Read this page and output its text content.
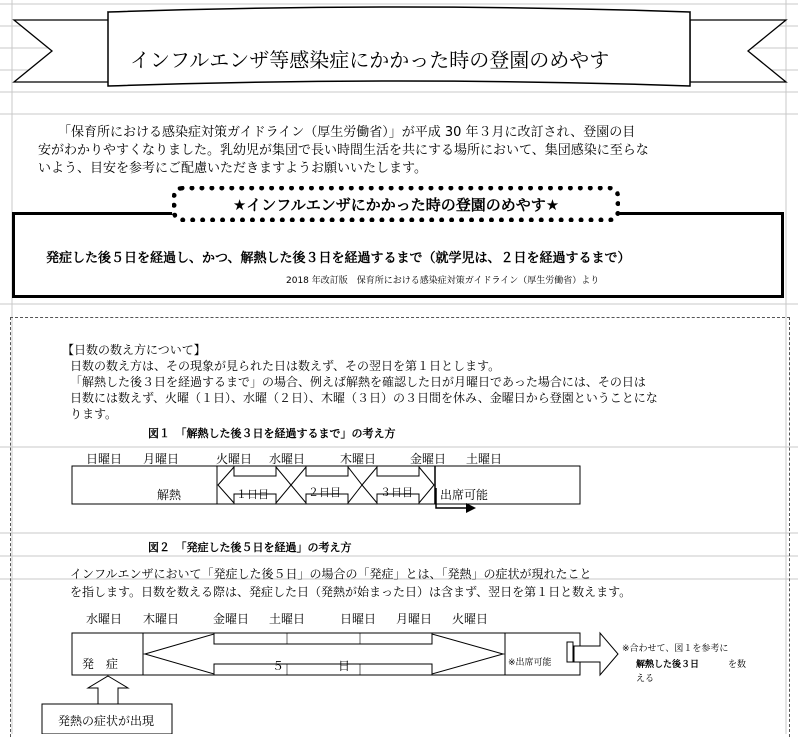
インフルエンザ等感染症にかかった時の登園のめやす
「保育所における感染症対策ガイドライン（厚生労働省）」が平成 30 年３月に改訂され、登園の目
安がわかりやすくなりました。乳幼児が集団で長い時間生活を共にする場所において、集団感染に至らな
いよう、目安を参考にご配慮いただきますようお願いいたします。
★インフルエンザにかかった時の登園のめやす★
発症した後５日を経過し、かつ、解熱した後３日を経過するまで（就学児は、２日を経過するまで）
2018 年改訂版　保育所における感染症対策ガイドライン（厚生労働省）より
【日数の数え方について】
日数の数え方は、その現象が見られた日は数えず、その翌日を第１日とします。
「解熱した後３日を経過するまで」の場合、例えば解熱を確認した日が月曜日であった場合には、その日は
日数には数えず、火曜（１日）、水曜（２日）、木曜（３日）の３日間を休み、金曜日から登園ということにな
ります。
図１　「解熱した後３日を経過するまで」の考え方
日曜日 月曜日	火曜日 水曜日	木曜日	金曜日 土曜日
解熱	１日目	２日目	３日目 出席可能
図２　「発症した後５日を経過」の考え方
インフルエンザにおいて「発症した後５日」の場合の「発症」とは、「発熱」の症状が現れたこと
を指します。日数を数える際は、発症した日（発熱が始まった日）は含まず、翌日を第１日と数えます。
水曜日 木曜日	金曜日 土曜日	日曜日 月曜日 火曜日
発　症	５	日	※出席可能
※合わせて、図１を参考に
解熱した後３日	を数
える
発熱の症状が出現
